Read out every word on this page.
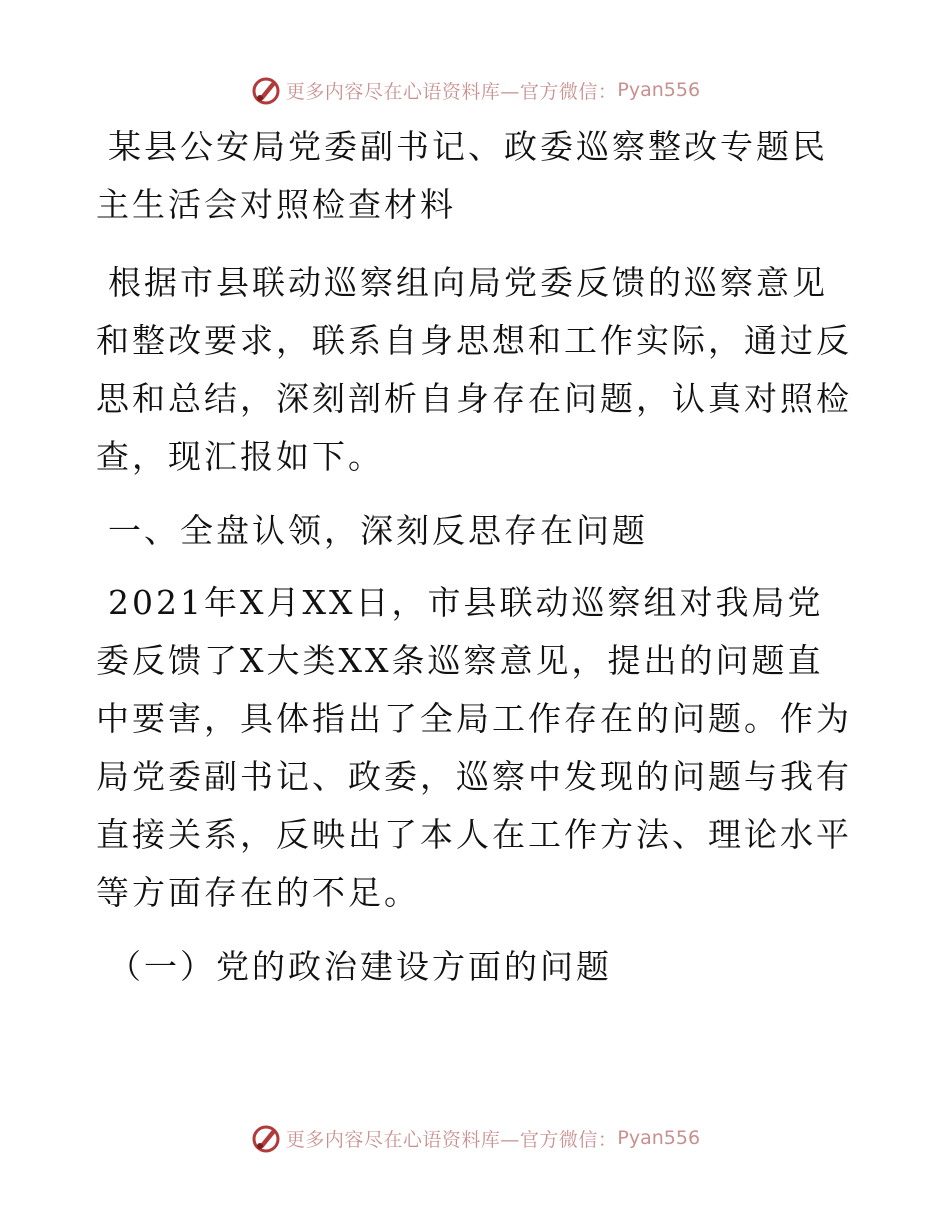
更多内容尽在心语资料库—官方微信： Pyan556

某县公安局党委副书记、政委巡察整改专题民主生活会对照检查材料

根据市县联动巡察组向局党委反馈的巡察意见和整改要求，联系自身思想和工作实际，通过反思和总结，深刻剖析自身存在问题，认真对照检查，现汇报如下。

一、全盘认领，深刻反思存在问题

2021年X月XX日，市县联动巡察组对我局党委反馈了X大类XX条巡察意见，提出的问题直中要害，具体指出了全局工作存在的问题。作为局党委副书记、政委，巡察中发现的问题与我有直接关系，反映出了本人在工作方法、理论水平等方面存在的不足。

（一）党的政治建设方面的问题

更多内容尽在心语资料库—官方微信： Pyan556
